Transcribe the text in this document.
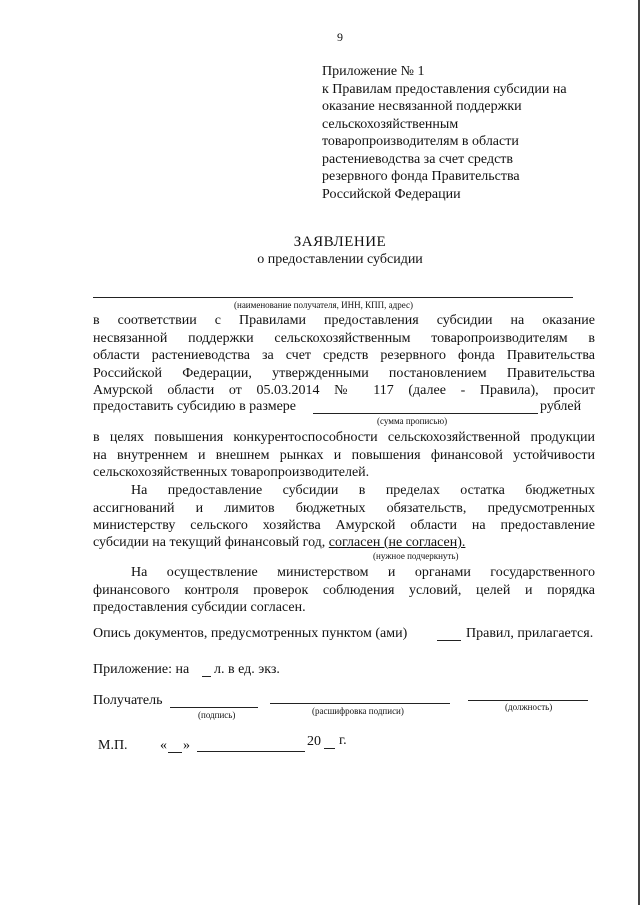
9
Приложение № 1
к Правилам предоставления субсидии на
оказание несвязанной поддержки
сельскохозяйственным
товаропроизводителям в области
растениеводства за счет средств
резервного фонда Правительства
Российской Федерации
ЗАЯВЛЕНИЕ
о предоставлении субсидии
(наименование получателя, ИНН, КПП, адрес)
в соответствии с Правилами предоставления субсидии на оказание
несвязанной поддержки сельскохозяйственным товаропроизводителям в
области растениеводства за счет средств резервного фонда Правительства
Российской Федерации, утвержденными постановлением Правительства
Амурской области от 05.03.2014 № 117 (далее - Правила), просит
предоставить субсидию в размере	рублей
(сумма прописью)
в целях повышения конкурентоспособности сельскохозяйственной продукции
на внутреннем и внешнем рынках и повышения финансовой устойчивости
сельскохозяйственных товаропроизводителей.
На предоставление субсидии в пределах остатка бюджетных
ассигнований и лимитов бюджетных обязательств, предусмотренных
министерству сельского хозяйства Амурской области на предоставление
субсидии на текущий финансовый год, согласен (не согласен).
(нужное подчеркнуть)
На осуществление министерством и органами государственного
финансового контроля проверок соблюдения условий, целей и порядка
предоставления субсидии согласен.
Опись документов, предусмотренных пунктом (ами)	Правил, прилагается.
Приложение: на л. в ед. экз.
Получатель
(подпись)	(расшифровка подписи)	(должность)
М.П. « »	20 г.
